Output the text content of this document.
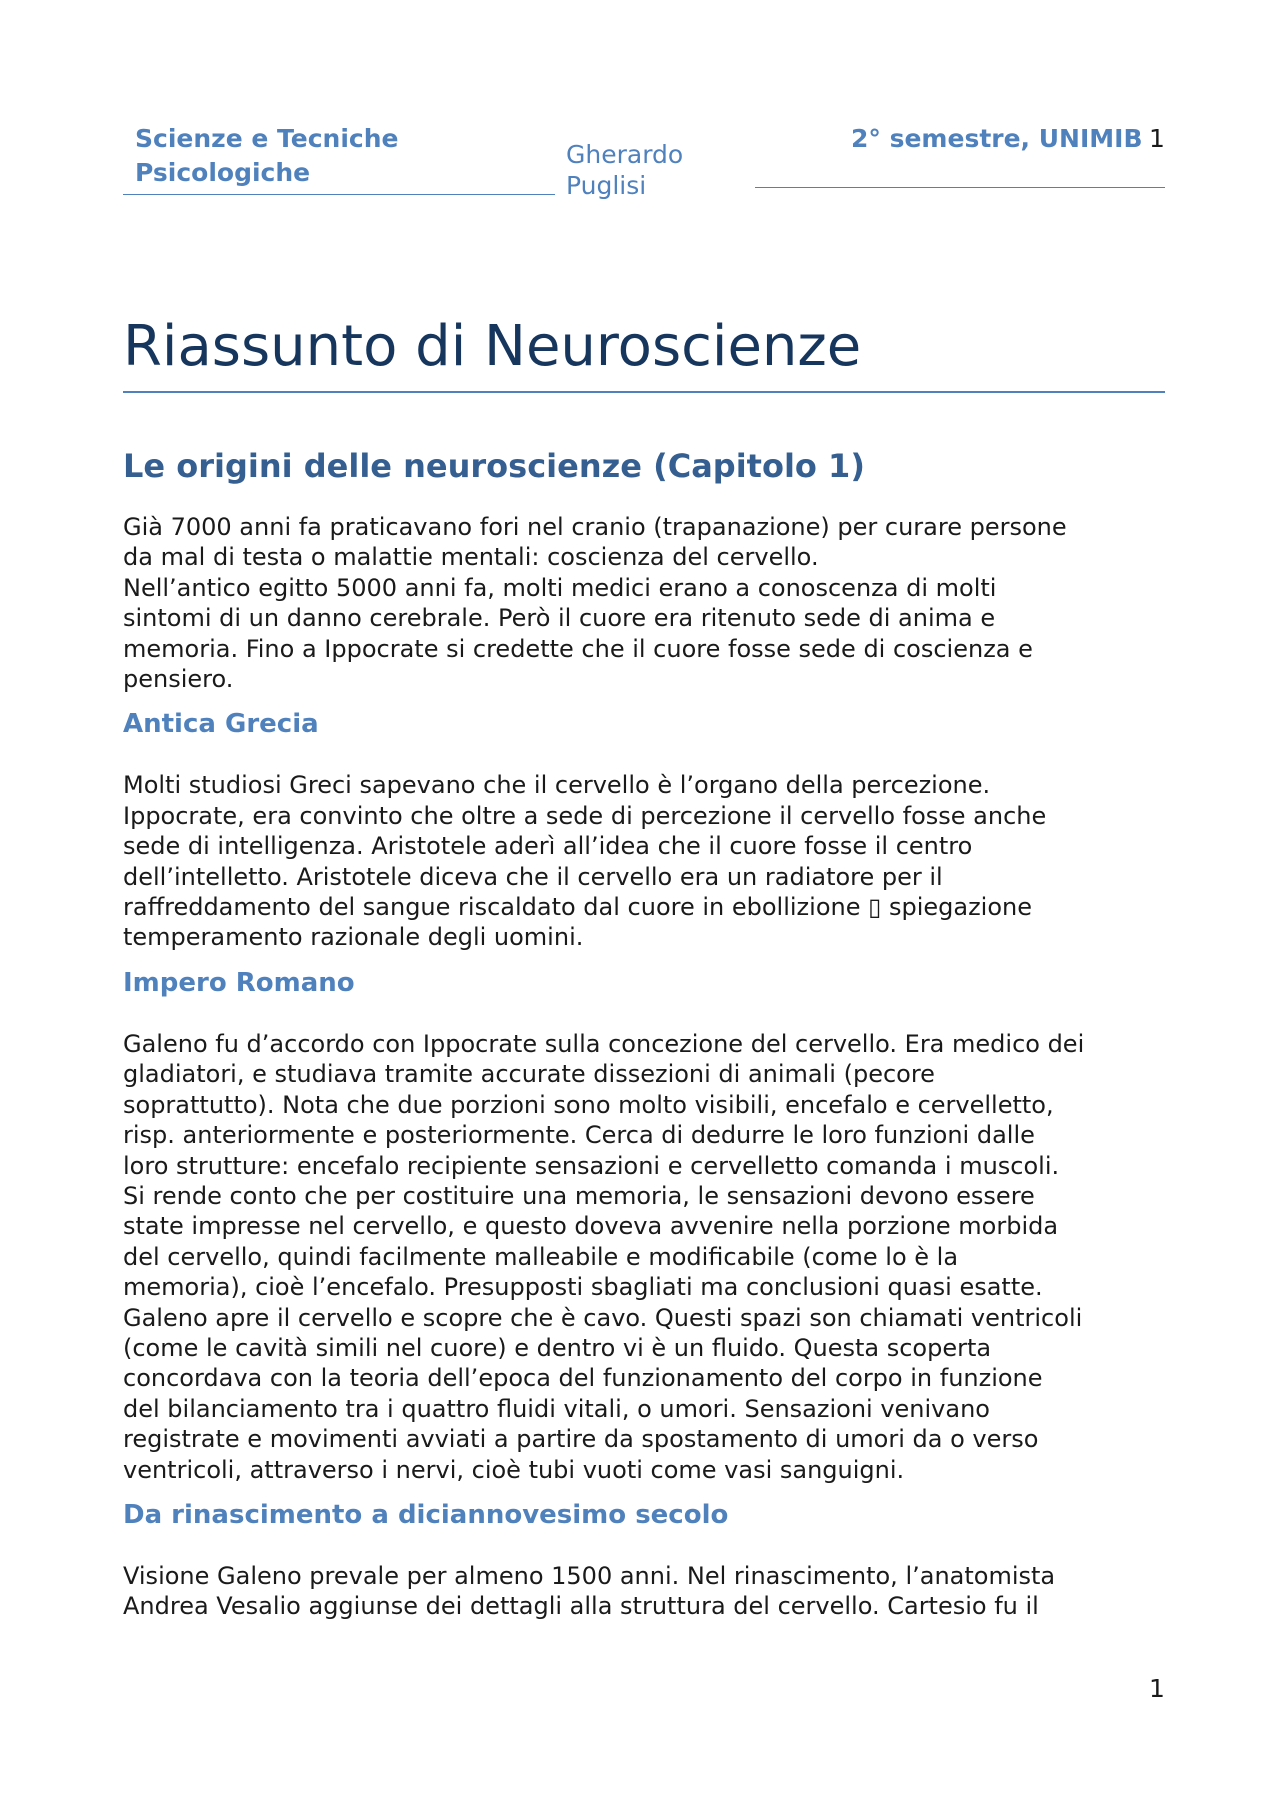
Scienze e Tecniche
Psicologiche
Gherardo
Puglisi
2° semestre, UNIMIB 1
Riassunto di Neuroscienze
Le origini delle neuroscienze (Capitolo 1)

Già 7000 anni fa praticavano fori nel cranio (trapanazione) per curare persone
da mal di testa o malattie mentali: coscienza del cervello.
Nell’antico egitto 5000 anni fa, molti medici erano a conoscenza di molti
sintomi di un danno cerebrale. Però il cuore era ritenuto sede di anima e
memoria. Fino a Ippocrate si credette che il cuore fosse sede di coscienza e
pensiero.

Antica Grecia

Molti studiosi Greci sapevano che il cervello è l’organo della percezione.
Ippocrate, era convinto che oltre a sede di percezione il cervello fosse anche
sede di intelligenza. Aristotele aderì all’idea che il cuore fosse il centro
dell’intelletto. Aristotele diceva che il cervello era un radiatore per il
raffreddamento del sangue riscaldato dal cuore in ebollizione ▯ spiegazione
temperamento razionale degli uomini.

Impero Romano

Galeno fu d’accordo con Ippocrate sulla concezione del cervello. Era medico dei
gladiatori, e studiava tramite accurate dissezioni di animali (pecore
soprattutto). Nota che due porzioni sono molto visibili, encefalo e cervelletto,
risp. anteriormente e posteriormente. Cerca di dedurre le loro funzioni dalle
loro strutture: encefalo recipiente sensazioni e cervelletto comanda i muscoli.
Si rende conto che per costituire una memoria, le sensazioni devono essere
state impresse nel cervello, e questo doveva avvenire nella porzione morbida
del cervello, quindi facilmente malleabile e modificabile (come lo è la
memoria), cioè l’encefalo. Presupposti sbagliati ma conclusioni quasi esatte.
Galeno apre il cervello e scopre che è cavo. Questi spazi son chiamati ventricoli
(come le cavità simili nel cuore) e dentro vi è un fluido. Questa scoperta
concordava con la teoria dell’epoca del funzionamento del corpo in funzione
del bilanciamento tra i quattro fluidi vitali, o umori. Sensazioni venivano
registrate e movimenti avviati a partire da spostamento di umori da o verso
ventricoli, attraverso i nervi, cioè tubi vuoti come vasi sanguigni.

Da rinascimento a diciannovesimo secolo

Visione Galeno prevale per almeno 1500 anni. Nel rinascimento, l’anatomista
Andrea Vesalio aggiunse dei dettagli alla struttura del cervello. Cartesio fu il

1
